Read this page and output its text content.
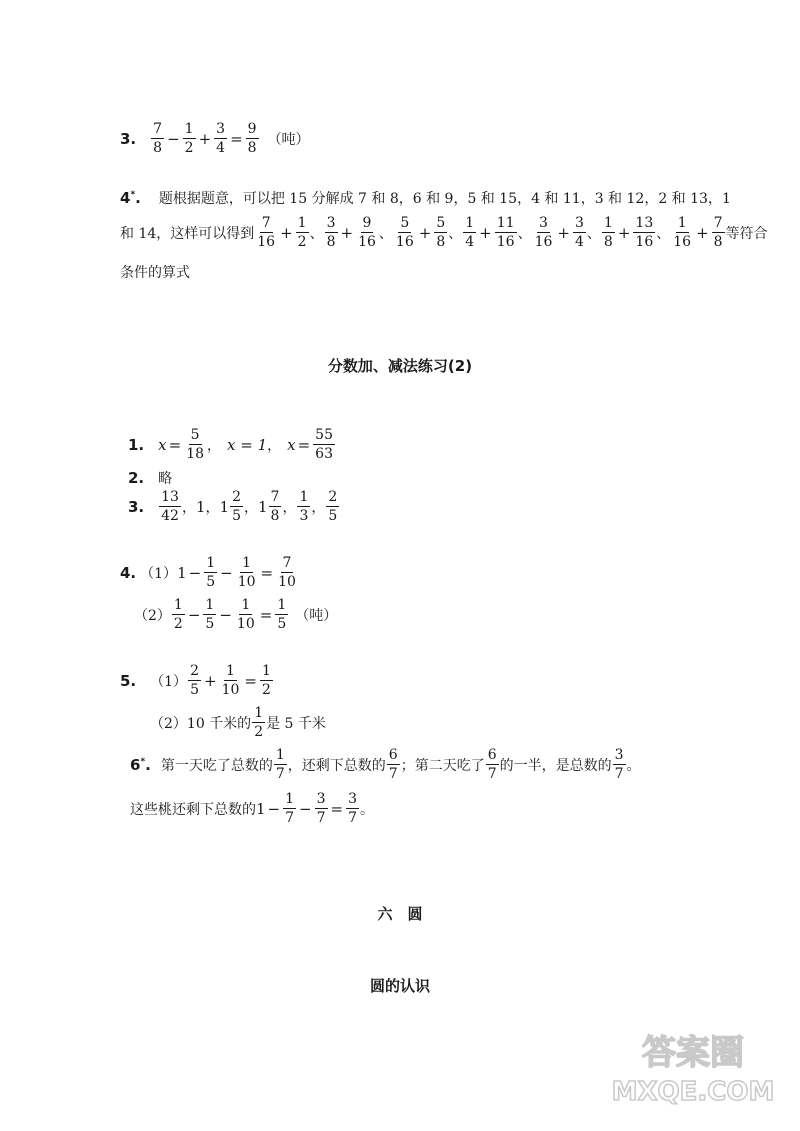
3. $\frac{7}{8} - \frac{1}{2} + \frac{3}{4} = \frac{9}{8}$ （吨）
4*. 题根据题意，可以把 15 分解成 7 和 8，6 和 9，5 和 15，4 和 11，3 和 12，2 和 13，1
和 14，这样可以得到 $\frac{7}{16} + \frac{1}{2}$ 、 $\frac{3}{8} + \frac{9}{16}$ 、 $\frac{5}{16} + \frac{5}{8}$ 、 $\frac{1}{4} + \frac{11}{16}$ 、 $\frac{3}{16} + \frac{3}{4}$ 、 $\frac{1}{8} + \frac{13}{16}$ 、 $\frac{1}{16} + \frac{7}{8}$ 等符合
条件的算式
分数加、减法练习(2)
1. $x = \frac{5}{18}$ ， x = 1 ， $x = \frac{55}{63}$
2. 略
3. $\frac{13}{42}$ ， 1 ， $1 \frac{2}{5}$ ， $1 \frac{7}{8}$ ， $\frac{1}{3}$ ， $\frac{2}{5}$
4. （1） $1 - \frac{1}{5} - \frac{1}{10} = \frac{7}{10}$
$(2) \frac{1}{2} - \frac{1}{5} - \frac{1}{10} = \frac{1}{5}$ （吨）
5. $(1) \frac{2}{5} + \frac{1}{10} = \frac{1}{2}$
（2） 10 千米的 $\frac{1}{2}$ 是 5 千米
6*. 第一天吃了总数的 $\frac{1}{7}$ ，还剩下总数的 $\frac{6}{7}$ ；第二天吃了 $\frac{6}{7}$ 的一半，是总数的 $\frac{3}{7}$ 。
这些桃还剩下总数的 $1 - \frac{1}{7} - \frac{3}{7} = \frac{3}{7}$ 。
六　圆
圆的认识
答案圈
MXQE.COM
